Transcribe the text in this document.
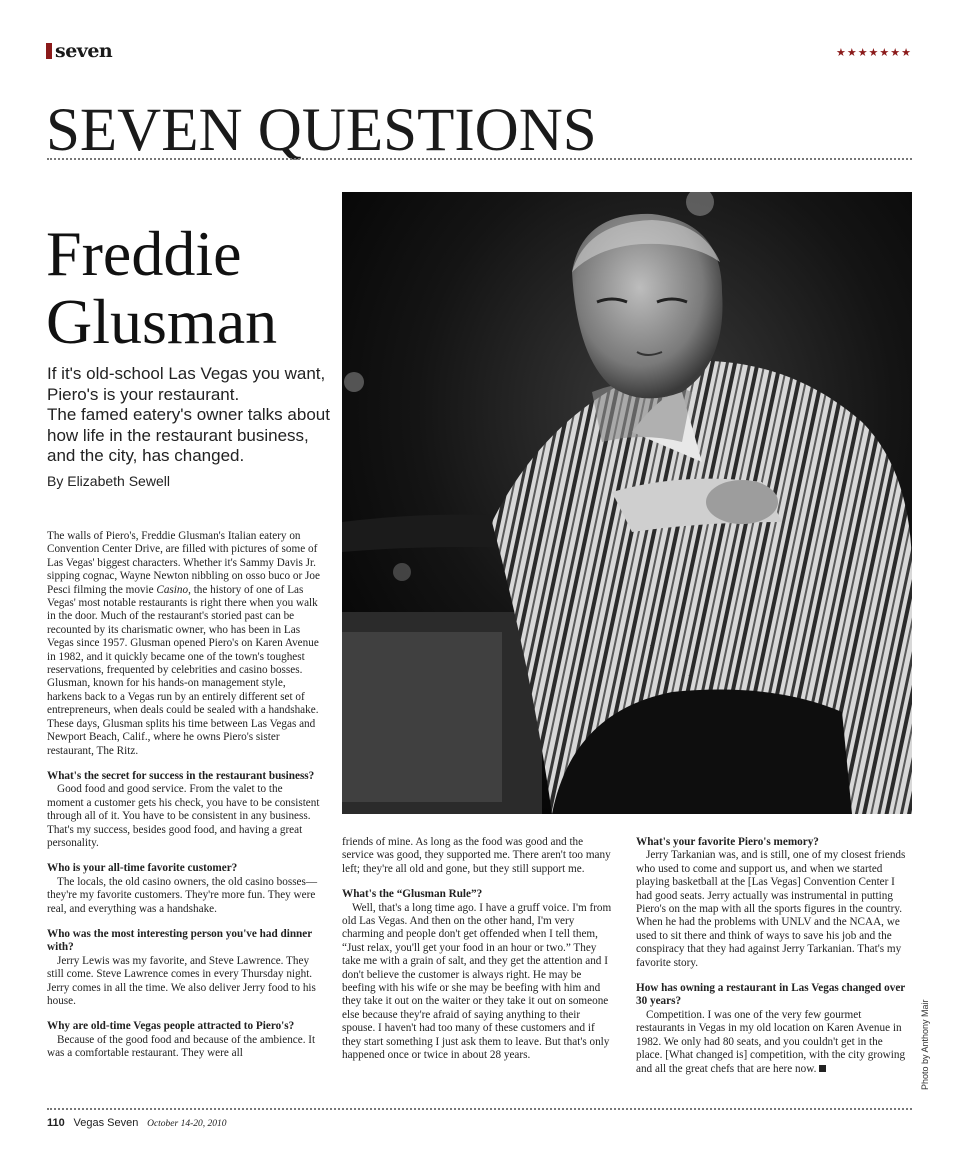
seven	★★★★★★★
SEVEN QUESTIONS
Freddie
Glusman
If it's old-school Las Vegas you want,
Piero's is your restaurant.
The famed eatery's owner talks about
how life in the restaurant business,
and the city, has changed.
By Elizabeth Sewell
Photo by Anthony Mair

The walls of Piero's, Freddie Glusman's Italian eatery on Convention Center Drive, are filled with pictures of some of Las Vegas' biggest characters. Whether it's Sammy Davis Jr. sipping cognac, Wayne Newton nibbling on osso buco or Joe Pesci filming the movie Casino, the history of one of Las Vegas' most notable restaurants is right there when you walk in the door. Much of the restaurant's storied past can be recounted by its charismatic owner, who has been in Las Vegas since 1957. Glusman opened Piero's on Karen Avenue in 1982, and it quickly became one of the town's toughest reservations, frequented by celebrities and casino bosses. Glusman, known for his hands-on management style, harkens back to a Vegas run by an entirely different set of entrepreneurs, when deals could be sealed with a handshake. These days, Glusman splits his time between Las Vegas and Newport Beach, Calif., where he owns Piero's sister restaurant, The Ritz.

What's the secret for success in the restaurant business?

Good food and good service. From the valet to the moment a customer gets his check, you have to be consistent through all of it. You have to be consistent in any business. That's my success, besides good food, and having a great personality.

Who is your all-time favorite customer?

The locals, the old casino owners, the old casino bosses—they're my favorite customers. They're more fun. They were real, and everything was a handshake.

Who was the most interesting person you've had dinner with?

Jerry Lewis was my favorite, and Steve Lawrence. They still come. Steve Lawrence comes in every Thursday night. Jerry comes in all the time. We also deliver Jerry food to his house.

Why are old-time Vegas people attracted to Piero's?

Because of the good food and because of the ambience. It was a comfortable restaurant. They were all

friends of mine. As long as the food was good and the service was good, they supported me. There aren't too many left; they're all old and gone, but they still support me.

What's the “Glusman Rule”?

Well, that's a long time ago. I have a gruff voice. I'm from old Las Vegas. And then on the other hand, I'm very charming and people don't get offended when I tell them, “Just relax, you'll get your food in an hour or two.” They take me with a grain of salt, and they get the attention and I don't believe the customer is always right. He may be beefing with his wife or she may be beefing with him and they take it out on the waiter or they take it out on someone else because they're afraid of saying anything to their spouse. I haven't had too many of these customers and if they start something I just ask them to leave. But that's only happened once or twice in about 28 years.

What's your favorite Piero's memory?

Jerry Tarkanian was, and is still, one of my closest friends who used to come and support us, and when we started playing basketball at the [Las Vegas] Convention Center I had good seats. Jerry actually was instrumental in putting Piero's on the map with all the sports figures in the country. When he had the problems with UNLV and the NCAA, we used to sit there and think of ways to save his job and the conspiracy that they had against Jerry Tarkanian. That's my favorite story.

How has owning a restaurant in Las Vegas changed over 30 years?

Competition. I was one of the very few gourmet restaurants in Vegas in my old location on Karen Avenue in 1982. We only had 80 seats, and you couldn't get in the place. [What changed is] competition, with the city growing and all the great chefs that are here now.

110 Vegas Seven October 14-20, 2010
